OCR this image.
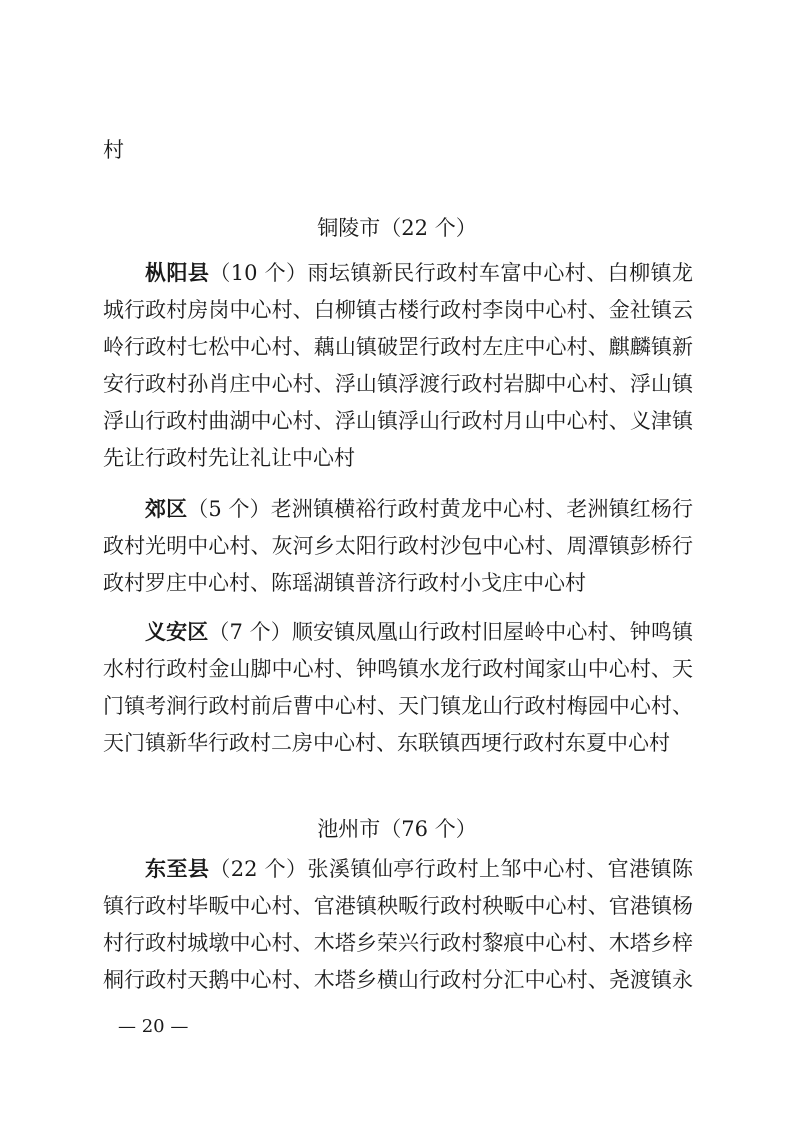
村
铜陵市（22 个）
枞阳县（10 个）雨坛镇新民行政村车富中心村、白柳镇龙
城行政村房岗中心村、白柳镇古楼行政村李岗中心村、金社镇云
岭行政村七松中心村、藕山镇破罡行政村左庄中心村、麒麟镇新
安行政村孙肖庄中心村、浮山镇浮渡行政村岩脚中心村、浮山镇
浮山行政村曲湖中心村、浮山镇浮山行政村月山中心村、义津镇
先让行政村先让礼让中心村
郊区（5 个）老洲镇横裕行政村黄龙中心村、老洲镇红杨行
政村光明中心村、灰河乡太阳行政村沙包中心村、周潭镇彭桥行
政村罗庄中心村、陈瑶湖镇普济行政村小戈庄中心村
义安区（7 个）顺安镇凤凰山行政村旧屋岭中心村、钟鸣镇
水村行政村金山脚中心村、钟鸣镇水龙行政村闻家山中心村、天
门镇考涧行政村前后曹中心村、天门镇龙山行政村梅园中心村、
天门镇新华行政村二房中心村、东联镇西埂行政村东夏中心村
池州市（76 个）
东至县（22 个）张溪镇仙亭行政村上邹中心村、官港镇陈
镇行政村毕畈中心村、官港镇秧畈行政村秧畈中心村、官港镇杨
村行政村城墩中心村、木塔乡荣兴行政村黎痕中心村、木塔乡梓
桐行政村天鹅中心村、木塔乡横山行政村分汇中心村、尧渡镇永
— 20 —
